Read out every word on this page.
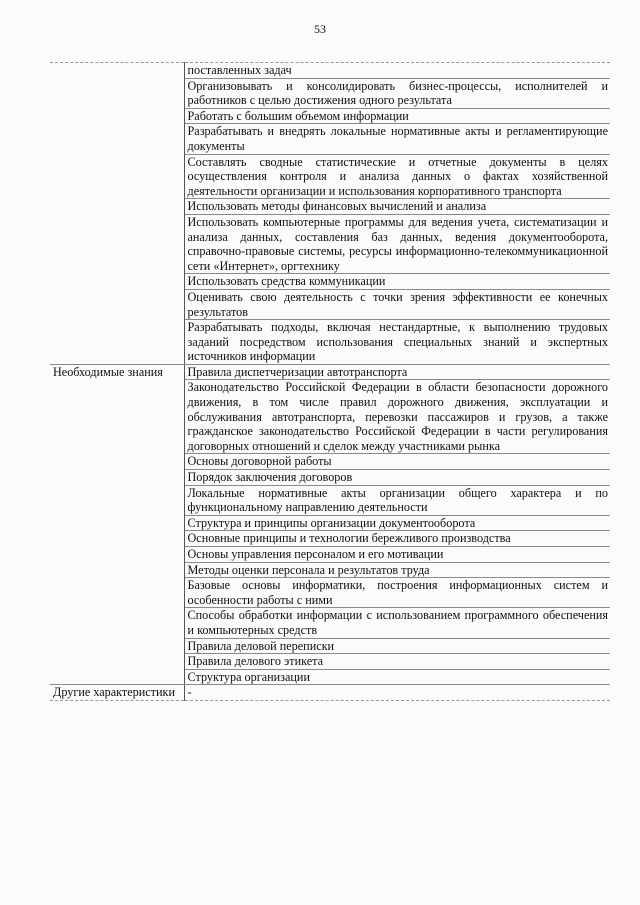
53
	поставленных задач
	Организовывать и консолидировать бизнес-процессы, исполнителей и работников с целью достижения одного результата
	Работать с большим объемом информации
	Разрабатывать и внедрять локальные нормативные акты и регламентирующие документы
	Составлять сводные статистические и отчетные документы в целях осуществления контроля и анализа данных о фактах хозяйственной деятельности организации и использования корпоративного транспорта
	Использовать методы финансовых вычислений и анализа
	Использовать компьютерные программы для ведения учета, систематизации и анализа данных, составления баз данных, ведения документооборота, справочно-правовые системы, ресурсы информационно-телекоммуникационной сети «Интернет», оргтехнику
	Использовать средства коммуникации
	Оценивать свою деятельность с точки зрения эффективности ее конечных результатов
	Разрабатывать подходы, включая нестандартные, к выполнению трудовых заданий посредством использования специальных знаний и экспертных источников информации
Необходимые знания	Правила диспетчеризации автотранспорта
	Законодательство Российской Федерации в области безопасности дорожного движения, в том числе правил дорожного движения, эксплуатации и обслуживания автотранспорта, перевозки пассажиров и грузов, а также гражданское законодательство Российской Федерации в части регулирования договорных отношений и сделок между участниками рынка
	Основы договорной работы
	Порядок заключения договоров
	Локальные нормативные акты организации общего характера и по функциональному направлению деятельности
	Структура и принципы организации документооборота
	Основные принципы и технологии бережливого производства
	Основы управления персоналом и его мотивации
	Методы оценки персонала и результатов труда
	Базовые основы информатики, построения информационных систем и особенности работы с ними
	Способы обработки информации с использованием программного обеспечения и компьютерных средств
	Правила деловой переписки
	Правила делового этикета
	Структура организации
Другие характеристики	-
